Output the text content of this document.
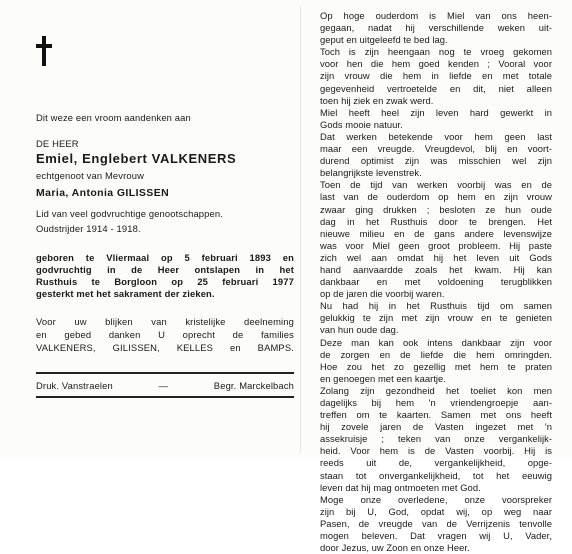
Dit weze een vroom aandenken aan
DE HEER
Emiel, Englebert VALKENERS
echtgenoot van Mevrouw
Maria, Antonia GILISSEN
Lid van veel godvruchtige genootschappen.
Oudstrijder 1914 - 1918.
geboren te Vliermaal op 5 februari 1893 en
godvruchtig in de Heer ontslapen in het
Rusthuis te Borgloon op 25 februari 1977
gesterkt met het sakrament der zieken.
Voor uw blijken van kristelijke deelneming
en gebed danken U oprecht de families
VALKENERS, GILISSEN, KELLES en BAMPS.
Druk. Vanstraelen	—	Begr. Marckelbach
Op hoge ouderdom is Miel van ons heen-
gegaan, nadat hij verschillende weken uit-
geput en uitgeleefd te bed lag.
Toch is zijn heengaan nog te vroeg gekomen
voor hen die hem goed kenden ; Vooral voor
zijn vrouw die hem in liefde en met totale
gegevenheid vertroetelde en dit, niet alleen
toen hij ziek en zwak werd.
Miel heeft heel zijn leven hard gewerkt in
Gods mooie natuur.
Dat werken betekende voor hem geen last
maar een vreugde. Vreugdevol, blij en voort-
durend optimist zijn was misschien wel zijn
belangrijkste levenstrek.
Toen de tijd van werken voorbij was en de
last van de ouderdom op hem en zijn vrouw
zwaar ging drukken ; besloten ze hun oude
dag in het Rusthuis door te brengen. Het
nieuwe milieu en de gans andere levenswijze
was voor Miel geen groot probleem. Hij paste
zich wel aan omdat hij het leven uit Gods
hand aanvaardde zoals het kwam. Hij kan
dankbaar en met voldoening terugblikken
op de jaren die voorbij waren.
Nu had hij in het Rusthuis tijd om samen
gelukkig te zijn met zijn vrouw en te genieten
van hun oude dag.
Deze man kan ook intens dankbaar zijn voor
de zorgen en de liefde die hem omringden.
Hoe zou het zo gezellig met hem te praten
en genoegen met een kaartje.
Zolang zijn gezondheid het toeliet kon men
dagelijks bij hem 'n vriendengroepje aan-
treffen om te kaarten. Samen met ons heeft
hij zovele jaren de Vasten ingezet met 'n
assekruisje ; teken van onze vergankelijk-
heid. Voor hem is de Vasten voorbij. Hij is
reeds uit de, vergankelijkheid, opge-
staan tot onvergankelijkheid, tot het eeuwig
leven dat hij mag ontmoeten met God.
Moge onze overledene, onze voorspreker
zijn bij U, God, opdat wij, op weg naar
Pasen, de vreugde van de Verrijzenis tenvolle
mogen beleven. Dat vragen wij U, Vader,
door Jezus, uw Zoon en onze Heer.
